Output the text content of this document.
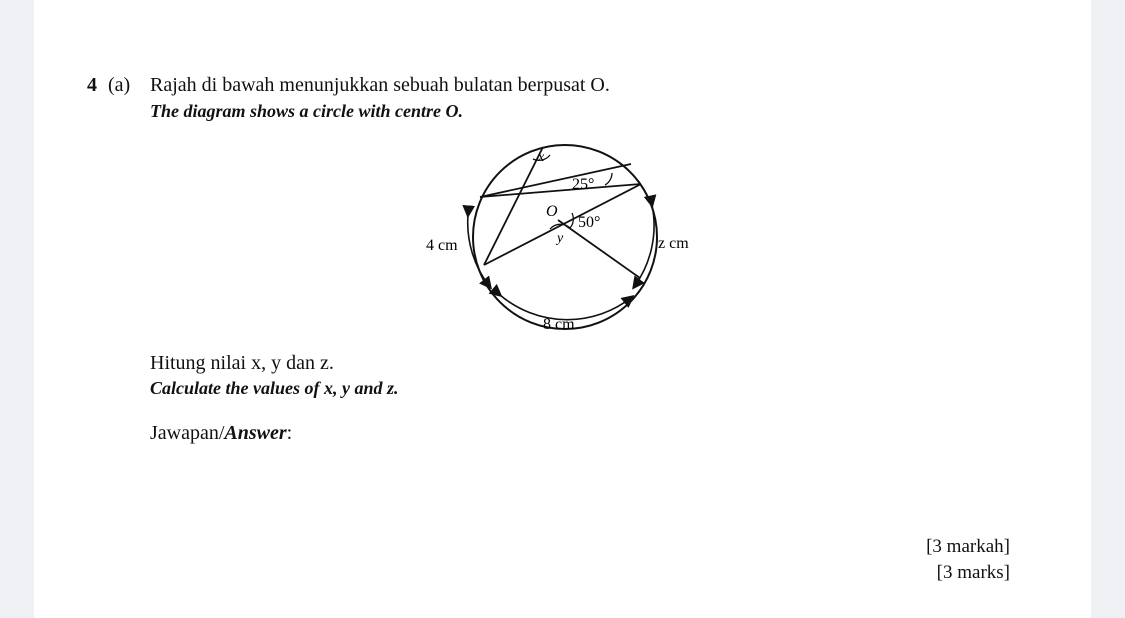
4 (a) Rajah di bawah menunjukkan sebuah bulatan berpusat O.
The diagram shows a circle with centre O.
x
25°
O
50°
y
4 cm	z cm
8 cm
Hitung nilai x, y dan z.
Calculate the values of x, y and z.
Jawapan/Answer:
[3 markah]
[3 marks]
